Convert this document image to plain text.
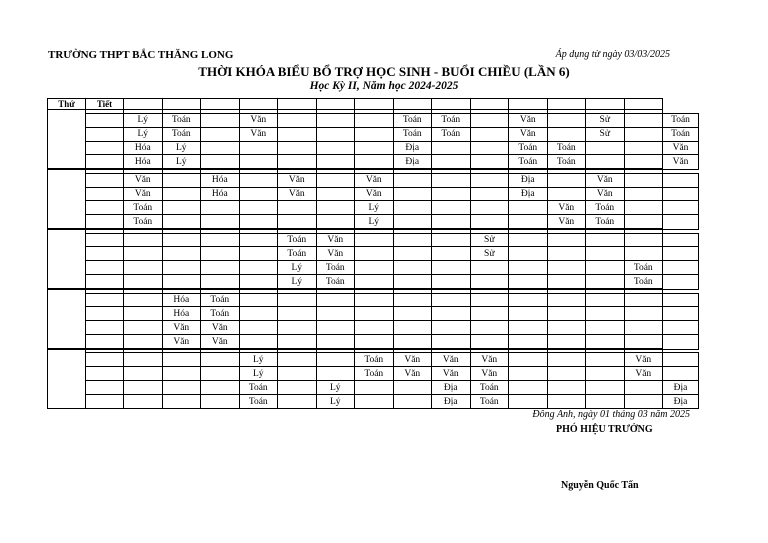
TRƯỜNG THPT BẮC THĂNG LONG	Áp dụng từ ngày 03/03/2025
THỜI KHÓA BIỂU BỔ TRỢ HỌC SINH - BUỔI CHIỀU (LẦN 6)
Học Kỳ II, Năm học 2024-2025
Thứ	Tiết															

		Lý	Toán		Văn				Toán	Toán		Văn		Sử		Toán
		Lý	Toán		Văn				Toán	Toán		Văn		Sử		Toán
		Hóa	Lý						Địa			Toán	Toán			Văn
		Hóa	Lý						Địa			Toán	Toán			Văn

		Văn		Hóa		Văn		Văn				Địa		Văn		
		Văn		Hóa		Văn		Văn				Địa		Văn		
		Toán						Lý					Văn	Toán		
		Toán						Lý					Văn	Toán		

						Toán	Văn				Sử					
						Toán	Văn				Sử					
						Lý	Toán								Toán	
						Lý	Toán								Toán	

			Hóa	Toán												
			Hóa	Toán												
			Văn	Văn												
			Văn	Văn												

					Lý			Toán	Văn	Văn	Văn				Văn	
					Lý			Toán	Văn	Văn	Văn				Văn	
					Toán		Lý			Địa	Toán					Địa
					Toán		Lý			Địa	Toán					Địa
Đông Anh, ngày 01 tháng 03 năm 2025
PHÓ HIỆU TRƯỞNG
Nguyễn Quốc Tấn
